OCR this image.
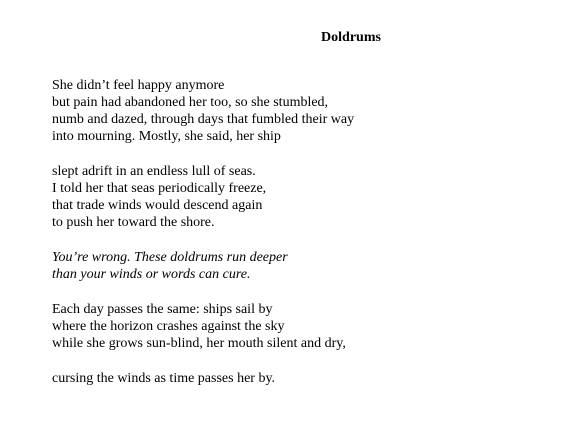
Doldrums
She didn’t feel happy anymore
but pain had abandoned her too, so she stumbled,
numb and dazed, through days that fumbled their way
into mourning. Mostly, she said, her ship
slept adrift in an endless lull of seas.
I told her that seas periodically freeze,
that trade winds would descend again
to push her toward the shore.
You’re wrong. These doldrums run deeper
than your winds or words can cure.
Each day passes the same: ships sail by
where the horizon crashes against the sky
while she grows sun-blind, her mouth silent and dry,
cursing the winds as time passes her by.
